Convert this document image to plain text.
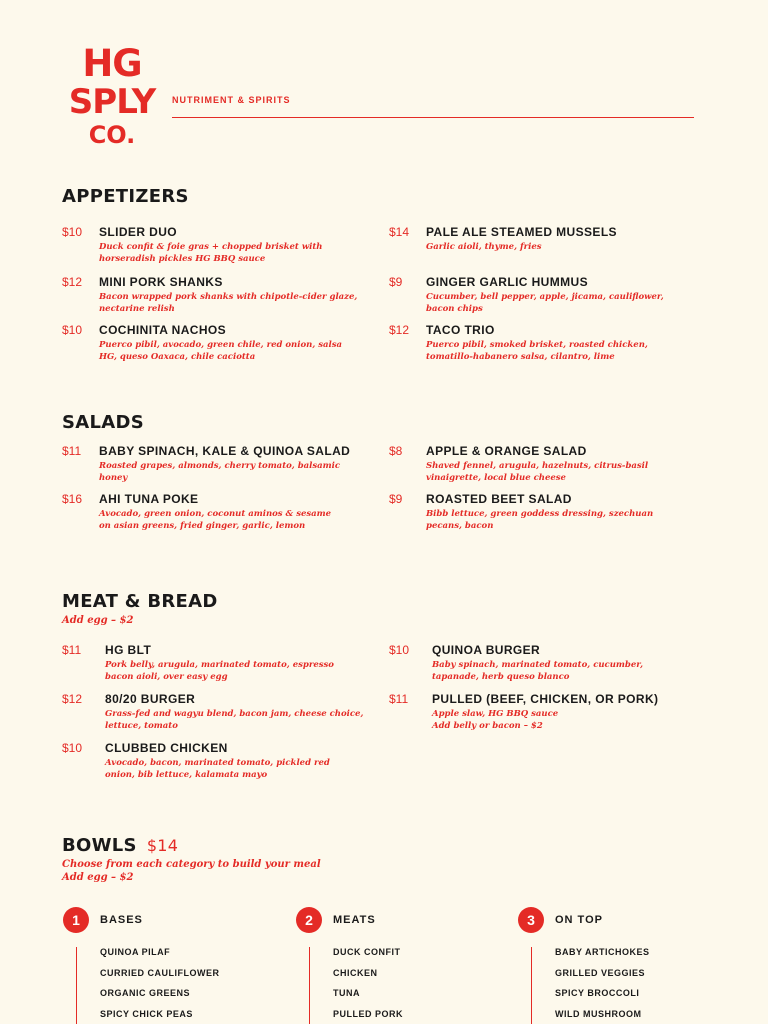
HG
SPLY
CO.
NUTRIMENT & SPIRITS
APPETIZERS
$10 SLIDER DUO
Duck confit & foie gras + chopped brisket with horseradish pickles HG BBQ sauce
$14 PALE ALE STEAMED MUSSELS
Garlic aioli, thyme, fries
$12 MINI PORK SHANKS
Bacon wrapped pork shanks with chipotle-cider glaze, nectarine relish
$9 GINGER GARLIC HUMMUS
Cucumber, bell pepper, apple, jicama, cauliflower, bacon chips
$10 COCHINITA NACHOS
Puerco pibil, avocado, green chile, red onion, salsa HG, queso Oaxaca, chile caciotta
$12 TACO TRIO
Puerco pibil, smoked brisket, roasted chicken, tomatillo-habanero salsa, cilantro, lime
SALADS
$11 BABY SPINACH, KALE & QUINOA SALAD
Roasted grapes, almonds, cherry tomato, balsamic honey
$8 APPLE & ORANGE SALAD
Shaved fennel, arugula, hazelnuts, citrus-basil vinaigrette, local blue cheese
$16 AHI TUNA POKE
Avocado, green onion, coconut aminos & sesame on asian greens, fried ginger, garlic, lemon
$9 ROASTED BEET SALAD
Bibb lettuce, green goddess dressing, szechuan pecans, bacon
MEAT & BREAD
Add egg – $2
$11 HG BLT
Pork belly, arugula, marinated tomato, espresso bacon aioli, over easy egg
$10 QUINOA BURGER
Baby spinach, marinated tomato, cucumber, tapanade, herb queso blanco
$12 80/20 BURGER
Grass-fed and wagyu blend, bacon jam, cheese choice, lettuce, tomato
$11 PULLED (BEEF, CHICKEN, OR PORK)
Apple slaw, HG BBQ sauce
Add belly or bacon – $2
$10 CLUBBED CHICKEN
Avocado, bacon, marinated tomato, pickled red onion, bib lettuce, kalamata mayo
BOWLS $14
Choose from each category to build your meal
Add egg – $2
1	BASES
QUINOA PILAF
CURRIED CAULIFLOWER
ORGANIC GREENS
SPICY CHICK PEAS
2	MEATS
DUCK CONFIT
CHICKEN
TUNA
PULLED PORK
3	ON TOP
BABY ARTICHOKES
GRILLED VEGGIES
SPICY BROCCOLI
WILD MUSHROOM
